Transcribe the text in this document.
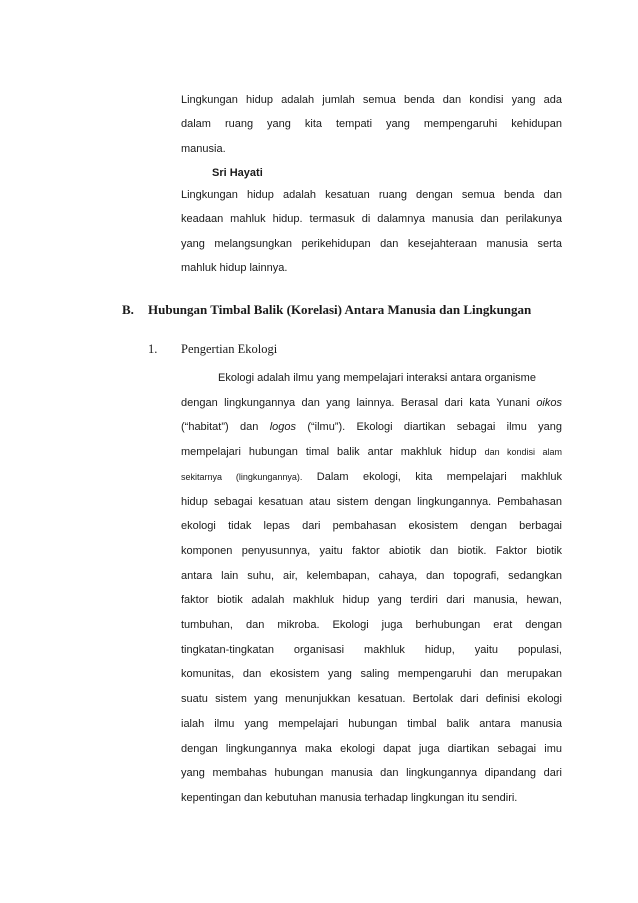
Lingkungan hidup adalah jumlah semua benda dan kondisi yang ada
dalam ruang yang kita tempati yang mempengaruhi kehidupan
manusia.
Sri Hayati
Lingkungan hidup adalah kesatuan ruang dengan semua benda dan
keadaan mahluk hidup. termasuk di dalamnya manusia dan perilakunya
yang melangsungkan perikehidupan dan kesejahteraan manusia serta
mahluk hidup lainnya.
B. Hubungan Timbal Balik (Korelasi) Antara Manusia dan Lingkungan
1. Pengertian Ekologi
Ekologi adalah ilmu yang mempelajari interaksi antara organisme
dengan lingkungannya dan yang lainnya. Berasal dari kata Yunani oikos
(“habitat”) dan logos (“ilmu”). Ekologi diartikan sebagai ilmu yang
mempelajari hubungan timal balik antar makhluk hidup dan kondisi alam
sekitarnya (lingkungannya). Dalam ekologi, kita mempelajari makhluk
hidup sebagai kesatuan atau sistem dengan lingkungannya. Pembahasan
ekologi tidak lepas dari pembahasan ekosistem dengan berbagai
komponen penyusunnya, yaitu faktor abiotik dan biotik. Faktor biotik
antara lain suhu, air, kelembapan, cahaya, dan topografi, sedangkan
faktor biotik adalah makhluk hidup yang terdiri dari manusia, hewan,
tumbuhan, dan mikroba. Ekologi juga berhubungan erat dengan
tingkatan-tingkatan organisasi makhluk hidup, yaitu populasi,
komunitas, dan ekosistem yang saling mempengaruhi dan merupakan
suatu sistem yang menunjukkan kesatuan. Bertolak dari definisi ekologi
ialah ilmu yang mempelajari hubungan timbal balik antara manusia
dengan lingkungannya maka ekologi dapat juga diartikan sebagai imu
yang membahas hubungan manusia dan lingkungannya dipandang dari
kepentingan dan kebutuhan manusia terhadap lingkungan itu sendiri.
